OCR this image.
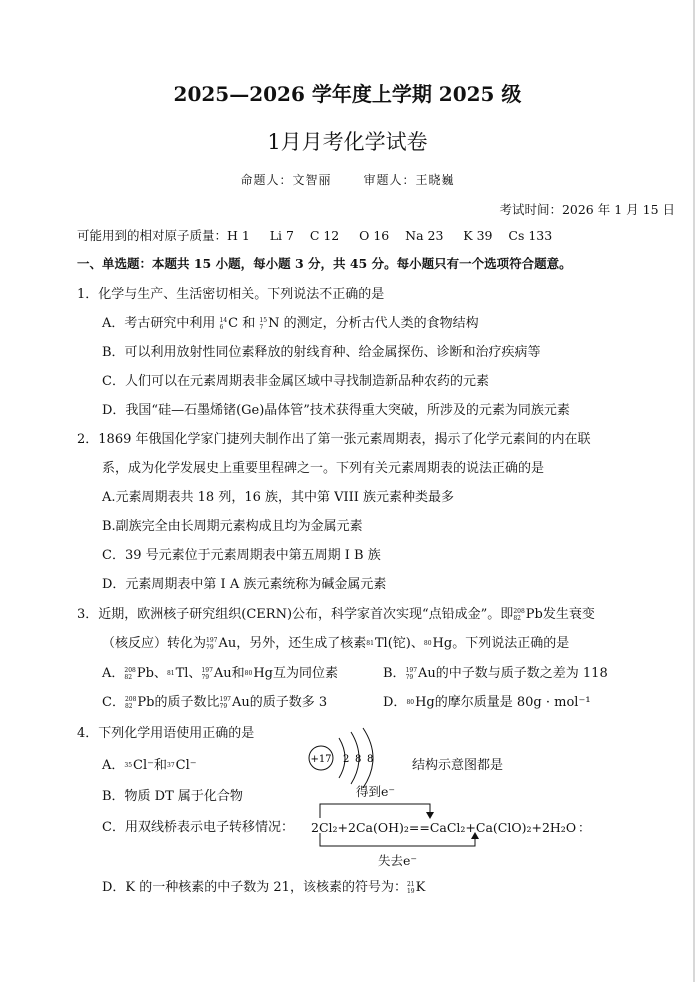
2025—2026 学年度上学期 2025 级
1月月考化学试卷
命题人：文智丽	审题人：王晓巍
考试时间：2026 年 1 月 15 日
可能用到的相对原子质量：H 1     Li 7    C 12     O 16    Na 23     K 39    Cs 133
一、单选题：本题共 15 小题，每小题 3 分，共 45 分。每小题只有一个选项符合题意。
1．化学与生产、生活密切相关。下列说法不正确的是
A．考古研究中利用 14
6 C 和 15
7 N 的测定，分析古代人类的食物结构
B．可以利用放射性同位素释放的射线育种、给金属探伤、诊断和治疗疾病等
C．人们可以在元素周期表非金属区域中寻找制造新品种农药的元素
D．我国“硅—石墨烯锗(Ge)晶体管”技术获得重大突破，所涉及的元素为同族元素
2．1869 年俄国化学家门捷列夫制作出了第一张元素周期表，揭示了化学元素间的内在联
系，成为化学发展史上重要里程碑之一。下列有关元素周期表的说法正确的是
A.元素周期表共 18 列，16 族，其中第 VIII 族元素种类最多
B.副族完全由长周期元素构成且均为金属元素
C．39 号元素位于元素周期表中第五周期 I B 族
D．元素周期表中第 I A 族元素统称为碱金属元素
3．近期，欧洲核子研究组织(CERN)公布，科学家首次实现“点铅成金”。即 208
82 Pb发生衰变
（核反应）转化为 197
79 Au，另外，还生成了核素 81 Tl(铊)、 80 Hg。下列说法正确的是
A． 208
82 Pb、 81 Tl、 197
79 Au和 80 Hg互为同位素	B． 197
79 Au的中子数与质子数之差为 118
C． 208
82 Pb的质子数比 197
79 Au的质子数多 3	D． 80 Hg的摩尔质量是 80g · mol⁻¹
4．下列化学用语使用正确的是
A． 35 Cl⁻和 37 Cl⁻	+17 2 8 8	结构示意图都是
B．物质 DT 属于化合物
C．用双线桥表示电子转移情况：
得到e⁻
2Cl₂+2Ca(OH)₂==CaCl₂+Ca(ClO)₂+2H₂O ：
失去e⁻
D．K 的一种核素的中子数为 21，该核素的符号为： 21
19 K
